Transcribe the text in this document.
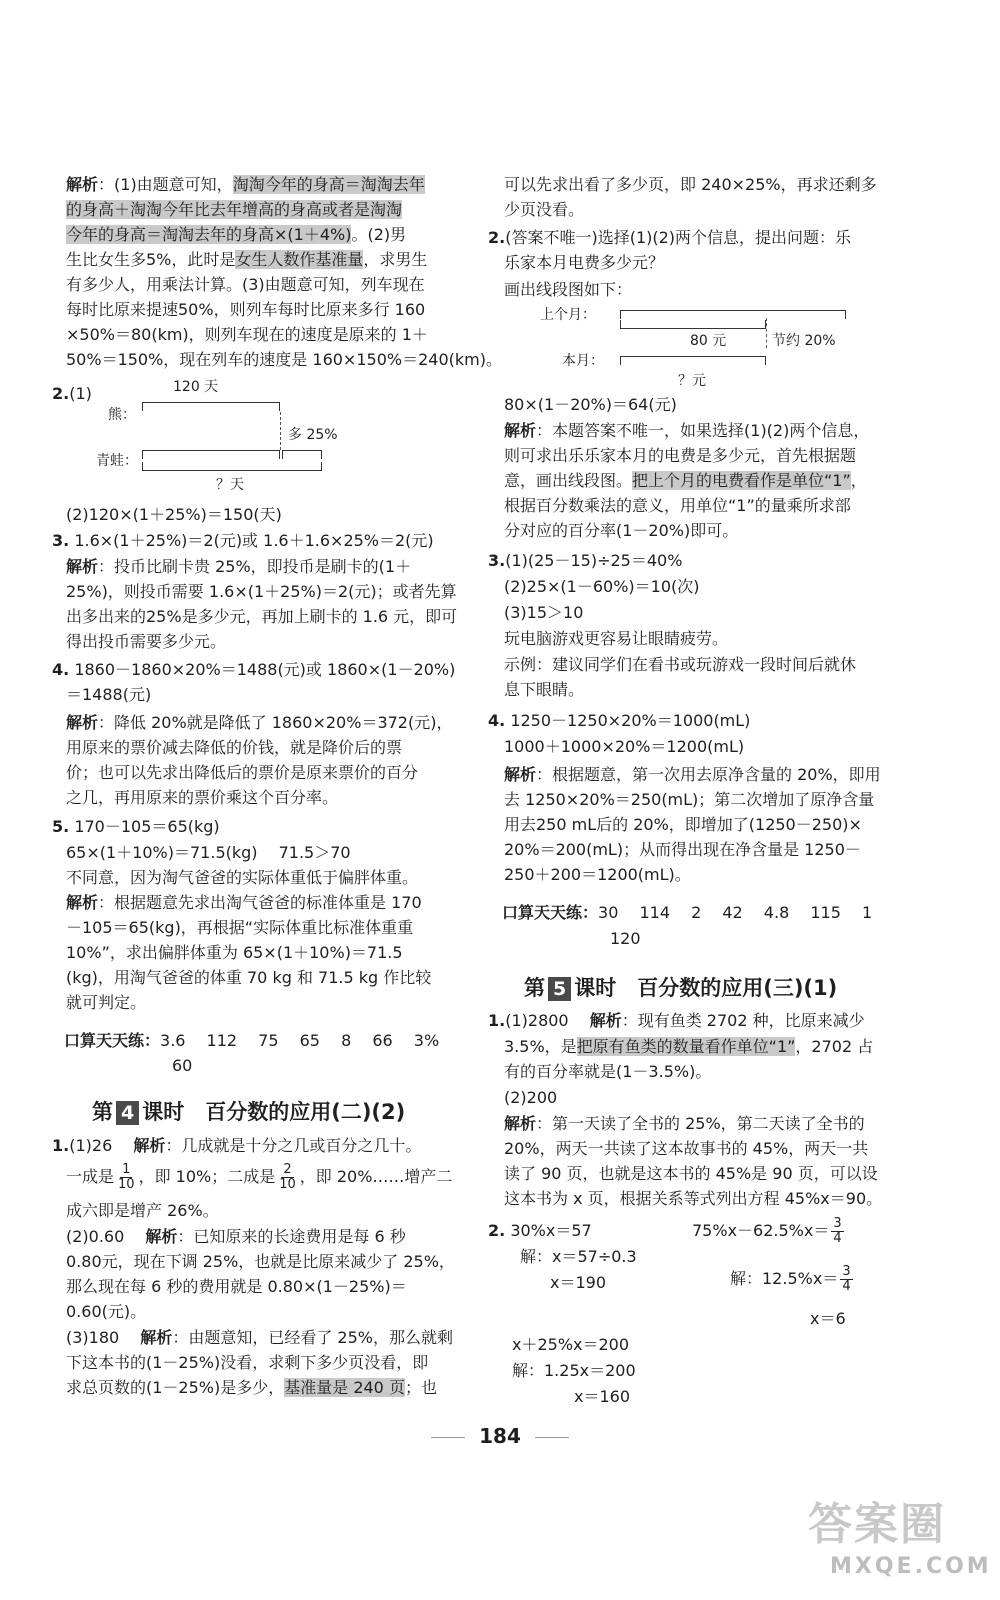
解析：(1)由题意可知，淘淘今年的身高＝淘淘去年
的身高＋淘淘今年比去年增高的身高或者是淘淘
今年的身高＝淘淘去年的身高×(1＋4%)。(2)男
生比女生多5%，此时是女生人数作基准量，求男生
有多少人，用乘法计算。(3)由题意可知，列车现在
每时比原来提速50%，则列车每时比原来多行 160
×50%＝80(km)，则列车现在的速度是原来的 1＋
50%＝150%，现在列车的速度是 160×150%＝240(km)。
2.(1)	120 天
熊：
多 25%
青蛙：
？天
(2)120×(1＋25%)＝150(天)
3. 1.6×(1＋25%)＝2(元)或 1.6＋1.6×25%＝2(元)
解析：投币比刷卡贵 25%，即投币是刷卡的(1＋
25%)，则投币需要 1.6×(1＋25%)＝2(元)；或者先算
出多出来的25%是多少元，再加上刷卡的 1.6 元，即可
得出投币需要多少元。
4. 1860－1860×20%＝1488(元)或 1860×(1－20%)
＝1488(元)
解析：降低 20%就是降低了 1860×20%＝372(元)，
用原来的票价减去降低的价钱，就是降价后的票
价；也可以先求出降低后的票价是原来票价的百分
之几，再用原来的票价乘这个百分率。
5. 170－105＝65(kg)
65×(1＋10%)＝71.5(kg)　 71.5＞70
不同意，因为淘气爸爸的实际体重低于偏胖体重。
解析：根据题意先求出淘气爸爸的标准体重是 170
－105＝65(kg)，再根据“实际体重比标准体重重
10%”，求出偏胖体重为 65×(1＋10%)＝71.5
(kg)，用淘气爸爸的体重 70 kg 和 71.5 kg 作比较
就可判定。
口算天天练：3.6　 112　 75　 65　 8　 66　 3%
60
第 4 课时　百分数的应用(二)(2)
1.(1)26　 解析：几成就是十分之几或百分之几十。
一成是 $\frac{1}{10}$ ，即 10%；二成是 $\frac{2}{10}$ ，即 20%……增产二
成六即是增产 26%。
(2)0.60　 解析：已知原来的长途费用是每 6 秒
0.80元，现在下调 25%，也就是比原来减少了 25%，
那么现在每 6 秒的费用就是 0.80×(1－25%)＝
0.60(元)。
(3)180　 解析：由题意知，已经看了 25%，那么就剩
下这本书的(1－25%)没看，求剩下多少页没看，即
求总页数的(1－25%)是多少，基准量是 240 页；也
可以先求出看了多少页，即 240×25%，再求还剩多
少页没看。
2.(答案不唯一)选择(1)(2)两个信息，提出问题：乐
乐家本月电费多少元？
画出线段图如下：
上个月：
80 元	节约 20%
本月：
？元
80×(1－20%)＝64(元)
解析：本题答案不唯一，如果选择(1)(2)两个信息，
则可求出乐乐家本月的电费是多少元，首先根据题
意，画出线段图。把上个月的电费看作是单位“1”，
根据百分数乘法的意义，用单位“1”的量乘所求部
分对应的百分率(1－20%)即可。
3.(1)(25－15)÷25＝40%
(2)25×(1－60%)＝10(次)
(3)15＞10
玩电脑游戏更容易让眼睛疲劳。
示例：建议同学们在看书或玩游戏一段时间后就休
息下眼睛。
4. 1250－1250×20%＝1000(mL)
1000＋1000×20%＝1200(mL)
解析：根据题意，第一次用去原净含量的 20%，即用
去 1250×20%＝250(mL)；第二次增加了原净含量
用去250 mL后的 20%，即增加了(1250－250)×
20%＝200(mL)；从而得出现在净含量是 1250－
250＋200＝1200(mL)。
口算天天练：30　 114　 2　 42　 4.8　 115　 1
120
第 5 课时　百分数的应用(三)(1)
1.(1)2800　 解析：现有鱼类 2702 种，比原来减少
3.5%，是把原有鱼类的数量看作单位“1”，2702 占
有的百分率就是(1－3.5%)。
(2)200
解析：第一天读了全书的 25%，第二天读了全书的
20%，两天一共读了这本故事书的 45%，两天一共
读了 90 页，也就是这本书的 45%是 90 页，可以设
这本书为 x 页，根据关系等式列出方程 45%x＝90。
2. 30%x＝57
解：x＝57÷0.3
x＝190
$75\%x-62.5\%x= \frac{3}{4}$
解：$12.5\%x= \frac{3}{4}$
x＝6
x＋25%x＝200
解：1.25x＝200
x＝160
184
答案圈
MXQE.COM
